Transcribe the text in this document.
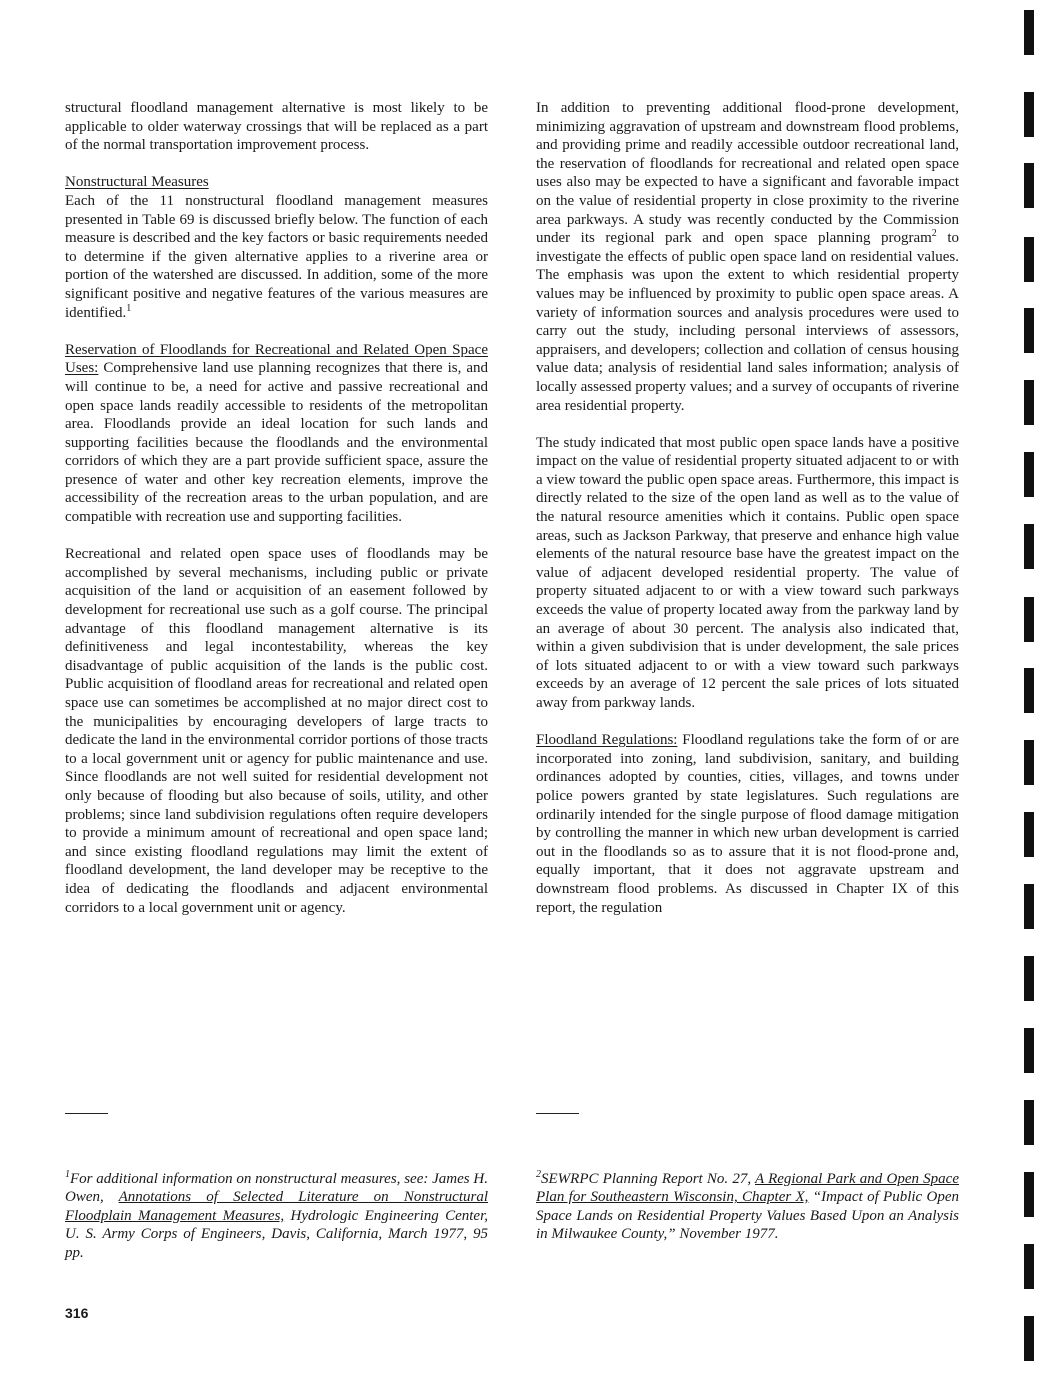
structural floodland management alternative is most likely to be applicable to older waterway crossings that will be replaced as a part of the normal transportation improvement process.

Nonstructural Measures

Each of the 11 nonstructural floodland management measures presented in Table 69 is discussed briefly below. The function of each measure is described and the key factors or basic requirements needed to determine if the given alternative applies to a riverine area or portion of the watershed are discussed. In addition, some of the more significant positive and negative features of the various measures are identified.$^1$

Reservation of Floodlands for Recreational and Related Open Space Uses: Comprehensive land use planning recognizes that there is, and will continue to be, a need for active and passive recreational and open space lands readily accessible to residents of the metropolitan area. Floodlands provide an ideal location for such lands and supporting facilities because the floodlands and the environmental corridors of which they are a part provide sufficient space, assure the presence of water and other key recreation elements, improve the accessibility of the recreation areas to the urban population, and are compatible with recreation use and supporting facilities.

Recreational and related open space uses of floodlands may be accomplished by several mechanisms, including public or private acquisition of the land or acquisition of an easement followed by development for recreational use such as a golf course. The principal advantage of this floodland management alternative is its definitiveness and legal incontestability, whereas the key disadvantage of public acquisition of the lands is the public cost. Public acquisition of floodland areas for recreational and related open space use can sometimes be accomplished at no major direct cost to the municipalities by encouraging developers of large tracts to dedicate the land in the environmental corridor portions of those tracts to a local government unit or agency for public maintenance and use. Since floodlands are not well suited for residential development not only because of flooding but also because of soils, utility, and other problems; since land subdivision regulations often require developers to provide a minimum amount of recreational and open space land; and since existing floodland regulations may limit the extent of floodland development, the land developer may be receptive to the idea of dedicating the floodlands and adjacent environmental corridors to a local government unit or agency.

In addition to preventing additional flood-prone development, minimizing aggravation of upstream and downstream flood problems, and providing prime and readily accessible outdoor recreational land, the reservation of floodlands for recreational and related open space uses also may be expected to have a significant and favorable impact on the value of residential property in close proximity to the riverine area parkways. A study was recently conducted by the Commission under its regional park and open space planning program$^2$ to investigate the effects of public open space land on residential values. The emphasis was upon the extent to which residential property values may be influenced by proximity to public open space areas. A variety of information sources and analysis procedures were used to carry out the study, including personal interviews of assessors, appraisers, and developers; collection and collation of census housing value data; analysis of residential land sales information; analysis of locally assessed property values; and a survey of occupants of riverine area residential property.

The study indicated that most public open space lands have a positive impact on the value of residential property situated adjacent to or with a view toward the public open space areas. Furthermore, this impact is directly related to the size of the open land as well as to the value of the natural resource amenities which it contains. Public open space areas, such as Jackson Parkway, that preserve and enhance high value elements of the natural resource base have the greatest impact on the value of adjacent developed residential property. The value of property situated adjacent to or with a view toward such parkways exceeds the value of property located away from the parkway land by an average of about 30 percent. The analysis also indicated that, within a given subdivision that is under development, the sale prices of lots situated adjacent to or with a view toward such parkways exceeds by an average of 12 percent the sale prices of lots situated away from parkway lands.

Floodland Regulations: Floodland regulations take the form of or are incorporated into zoning, land subdivision, sanitary, and building ordinances adopted by counties, cities, villages, and towns under police powers granted by state legislatures. Such regulations are ordinarily intended for the single purpose of flood damage mitigation by controlling the manner in which new urban development is carried out in the floodlands so as to assure that it is not flood-prone and, equally important, that it does not aggravate upstream and downstream flood problems. As discussed in Chapter IX of this report, the regulation

$^1$For additional information on nonstructural measures, see: James H. Owen, Annotations of Selected Literature on Nonstructural Floodplain Management Measures, Hydrologic Engineering Center, U. S. Army Corps of Engineers, Davis, California, March 1977, 95 pp.
$^2$SEWRPC Planning Report No. 27, A Regional Park and Open Space Plan for Southeastern Wisconsin, Chapter X, “Impact of Public Open Space Lands on Residential Property Values Based Upon an Analysis in Milwaukee County,” November 1977.
316
